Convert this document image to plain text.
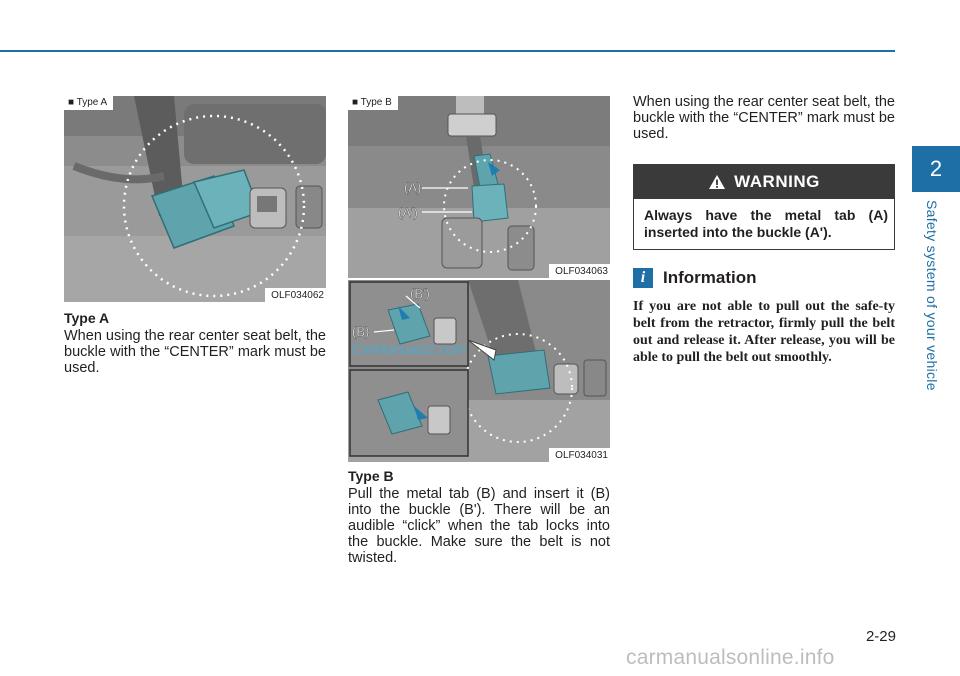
2
Safety system of your vehicle
■ Type A
OLF034062
Type A
When using the rear center seat belt, the buckle with the “CENTER” mark must be used.
(A)
(A')
■ Type B
OLF034063
(B')
(B)
OLF034031
CarManuals2.com
Type B
Pull the metal tab (B) and insert it (B) into the buckle (B'). There will be an audible “click” when the tab locks into the buckle. Make sure the belt is not twisted.
When using the rear center seat belt, the buckle with the “CENTER” mark must be used.
WARNING
Always have the metal tab (A) inserted into the buckle (A').
i	Information
If you are not able to pull out the safe-ty belt from the retractor, firmly pull the belt out and release it. After release, you will be able to pull the belt out smoothly.
2-29
carmanualsonline.info
